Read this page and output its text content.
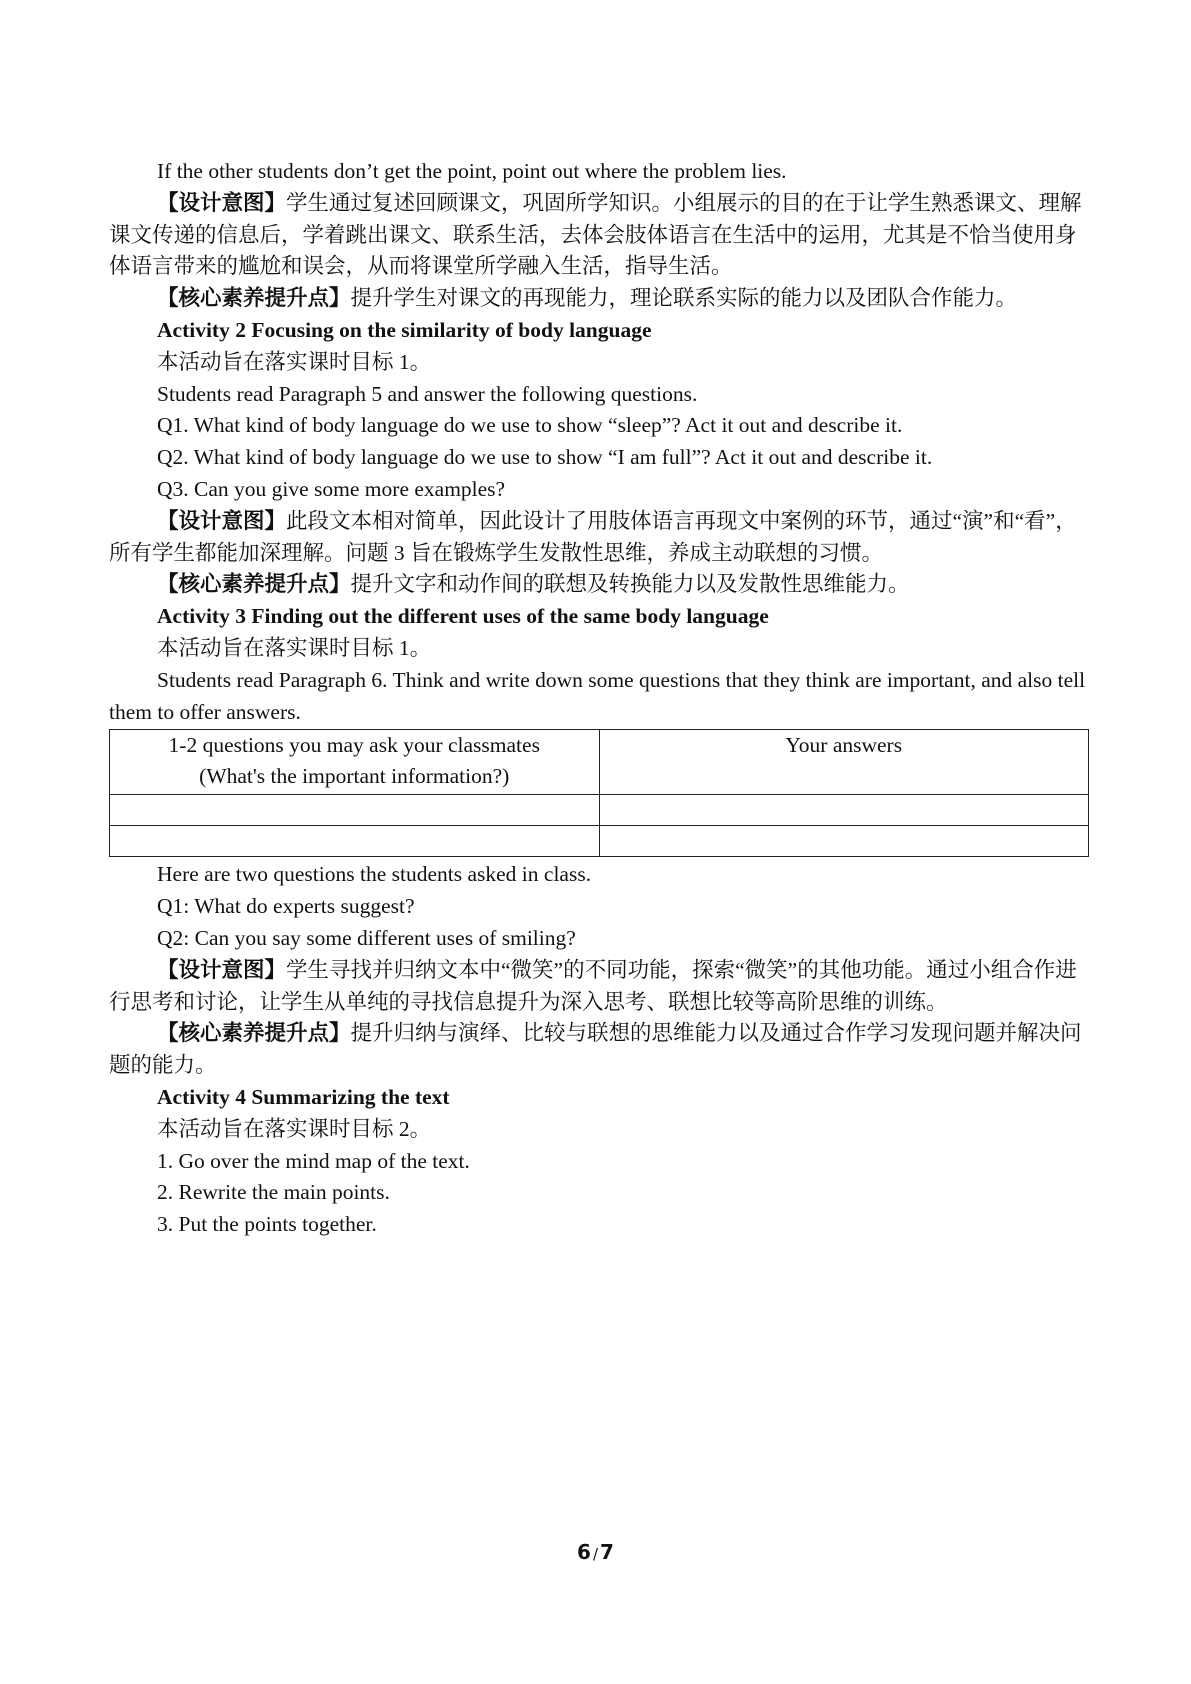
If the other students don’t get the point, point out where the problem lies.

【设计意图】学生通过复述回顾课文，巩固所学知识。小组展示的目的在于让学生熟悉课文、理解课文传递的信息后，学着跳出课文、联系生活，去体会肢体语言在生活中的运用，尤其是不恰当使用身体语言带来的尴尬和误会，从而将课堂所学融入生活，指导生活。

【核心素养提升点】提升学生对课文的再现能力，理论联系实际的能力以及团队合作能力。

Activity 2 Focusing on the similarity of body language

本活动旨在落实课时目标 1。

Students read Paragraph 5 and answer the following questions.

Q1. What kind of body language do we use to show “sleep”? Act it out and describe it.

Q2. What kind of body language do we use to show “I am full”? Act it out and describe it.

Q3. Can you give some more examples?

【设计意图】此段文本相对简单，因此设计了用肢体语言再现文中案例的环节，通过“演”和“看”，所有学生都能加深理解。问题 3 旨在锻炼学生发散性思维，养成主动联想的习惯。

【核心素养提升点】提升文字和动作间的联想及转换能力以及发散性思维能力。

Activity 3 Finding out the different uses of the same body language

本活动旨在落实课时目标 1。

Students read Paragraph 6. Think and write down some questions that they think are important, and also tell them to offer answers.

1-2 questions you may ask your classmates
(What's the important information?)	Your answers

Here are two questions the students asked in class.

Q1: What do experts suggest?

Q2: Can you say some different uses of smiling?

【设计意图】学生寻找并归纳文本中“微笑”的不同功能，探索“微笑”的其他功能。通过小组合作进行思考和讨论，让学生从单纯的寻找信息提升为深入思考、联想比较等高阶思维的训练。

【核心素养提升点】提升归纳与演绎、比较与联想的思维能力以及通过合作学习发现问题并解决问题的能力。

Activity 4 Summarizing the text

本活动旨在落实课时目标 2。

1. Go over the mind map of the text.

2. Rewrite the main points.

3. Put the points together.

6 / 7
